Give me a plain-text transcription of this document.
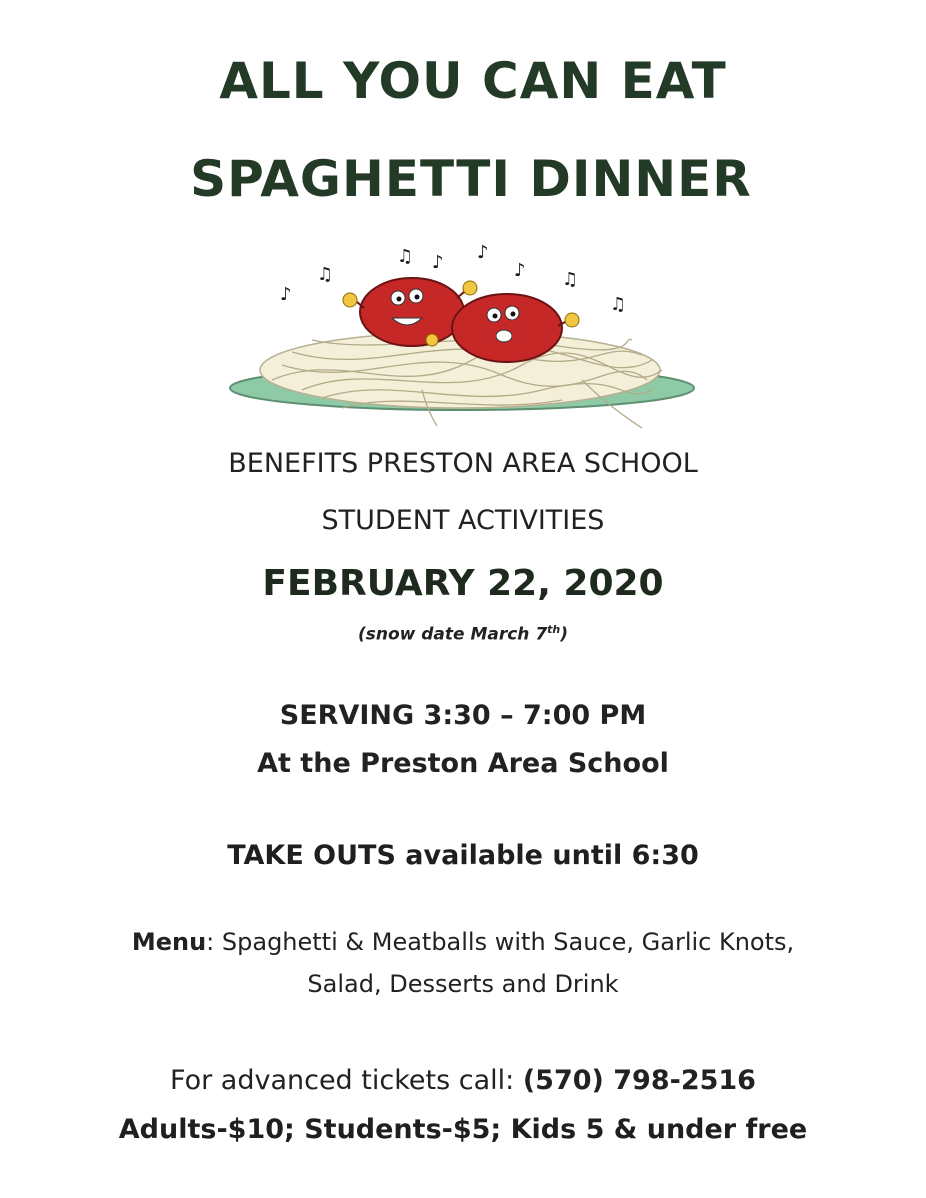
ALL YOU CAN EAT
SPAGHETTI DINNER
♪
♫
♫ ♪ ♪
♪ ♫
♫
BENEFITS PRESTON AREA SCHOOL
STUDENT ACTIVITIES
FEBRUARY 22, 2020
(snow date March 7th)
SERVING 3:30 – 7:00 PM
At the Preston Area School
TAKE OUTS available until 6:30
Menu: Spaghetti & Meatballs with Sauce, Garlic Knots,
Salad, Desserts and Drink
For advanced tickets call: (570) 798-2516
Adults-$10; Students-$5; Kids 5 & under free
